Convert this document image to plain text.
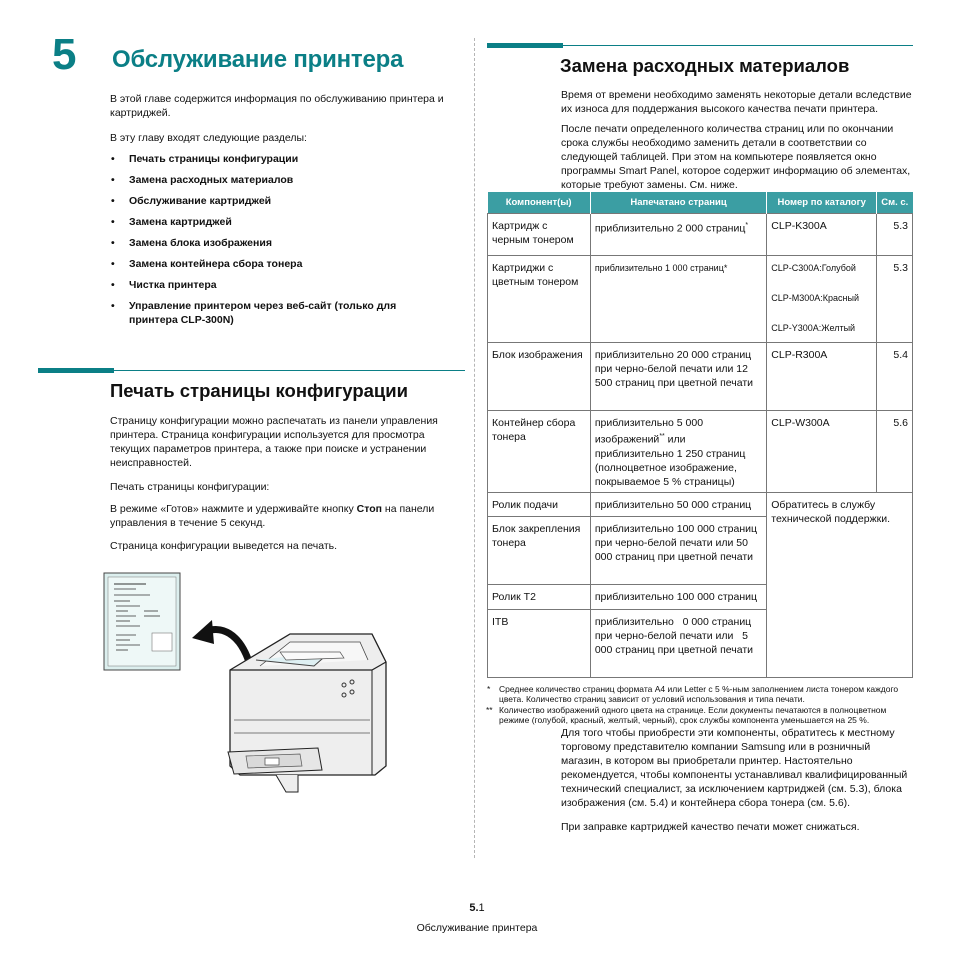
5 Обслуживание принтера
В этой главе содержится информация по обслуживанию принтера и картриджей.
В эту главу входят следующие разделы:
• Печать страницы конфигурации
• Замена расходных материалов
• Обслуживание картриджей
• Замена картриджей
• Замена блока изображения
• Замена контейнера сбора тонера
• Чистка принтера
• Управление принтером через веб-сайт (только для принтера CLP-300N)
Печать страницы конфигурации
Страницу конфигурации можно распечатать из панели управления принтера. Страница конфигурации используется для просмотра текущих параметров принтера, а также при поиске и устранении неисправностей.
Печать страницы конфигурации:
В режиме «Готов» нажмите и удерживайте кнопку Стоп на панели управления в течение 5 секунд.
Страница конфигурации выведется на печать.
Замена расходных материалов
Время от времени необходимо заменять некоторые детали вследствие их износа для поддержания высокого качества печати принтера.
После печати определенного количества страниц или по окончании срока службы необходимо заменить детали в соответствии со следующей таблицей. При этом на компьютере появляется окно программы Smart Panel, которое содержит информацию об элементах, которые требуют замены. См. ниже.
Компонент(ы)	Напечатано страниц	Номер по каталогу	См. с.
Картридж с черным тонером	приблизительно 2 000 страниц*	CLP-K300A	5.3
Картриджи с цветным тонером	приблизительно 1 000 страниц*	CLP-C300A:Голубой
CLP-M300A:Красный
CLP-Y300A:Желтый	5.3
Блок изображения	приблизительно 20 000 страниц при черно-белой печати или 12 500 страниц при цветной печати	CLP-R300A	5.4
Контейнер сбора тонера	приблизительно 5 000 изображений** или приблизительно 1 250 страниц (полноцветное изображение, покрываемое 5 % страницы)	CLP-W300A	5.6
Ролик подачи	приблизительно 50 000 страниц	Обратитесь в службу технической поддержки.	
Блок закрепления тонера	приблизительно 100 000 страниц при черно-белой печати или 50 000 страниц при цветной печати		
Ролик Т2	приблизительно 100 000 страниц		
ITB	приблизительно   0 000 страниц при черно-белой печати или   5 000 страниц при цветной печати		
* Среднее количество страниц формата А4 или Letter с 5 %-ным заполнением листа тонером каждого цвета. Количество страниц зависит от условий использования и типа печати.
** Количество изображений одного цвета на странице. Если документы печатаются в полноцветном режиме (голубой, красный, желтый, черный), срок службы компонента уменьшается на 25 %.
Для того чтобы приобрести эти компоненты, обратитесь к местному торговому представителю компании Samsung или в розничный магазин, в котором вы приобретали принтер. Настоятельно рекомендуется, чтобы компоненты устанавливал квалифицированный технический специалист, за исключением картриджей (см. 5.3), блока изображения (см. 5.4) и контейнера сбора тонера (см. 5.6).
При заправке картриджей качество печати может снижаться.
5.1
Обслуживание принтера
